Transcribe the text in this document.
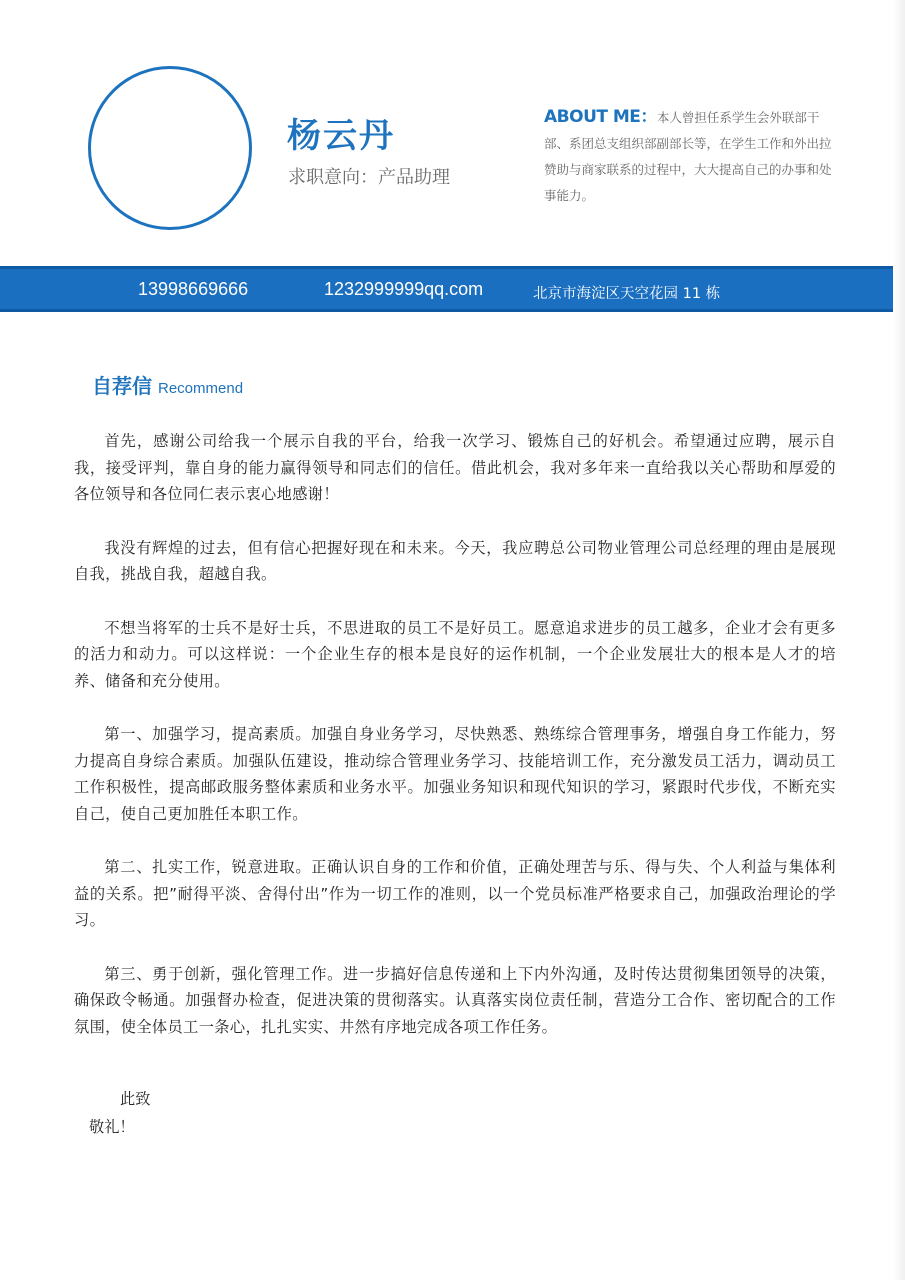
杨云丹
求职意向：产品助理
ABOUT ME：本人曾担任系学生会外联部干部、系团总支组织部副部长等，在学生工作和外出拉赞助与商家联系的过程中，大大提高自己的办事和处事能力。
13998669666	1232999999qq.com	北京市海淀区天空花园 11 栋
自荐信 Recommend

首先，感谢公司给我一个展示自我的平台，给我一次学习、锻炼自己的好机会。希望通过应聘，展示自我，接受评判，靠自身的能力赢得领导和同志们的信任。借此机会，我对多年来一直给我以关心帮助和厚爱的各位领导和各位同仁表示衷心地感谢！

我没有辉煌的过去，但有信心把握好现在和未来。今天，我应聘总公司物业管理公司总经理的理由是展现自我，挑战自我，超越自我。

不想当将军的士兵不是好士兵，不思进取的员工不是好员工。愿意追求进步的员工越多，企业才会有更多的活力和动力。可以这样说：一个企业生存的根本是良好的运作机制，一个企业发展壮大的根本是人才的培养、储备和充分使用。

第一、加强学习，提高素质。加强自身业务学习，尽快熟悉、熟练综合管理事务，增强自身工作能力，努力提高自身综合素质。加强队伍建设，推动综合管理业务学习、技能培训工作，充分激发员工活力，调动员工工作积极性，提高邮政服务整体素质和业务水平。加强业务知识和现代知识的学习，紧跟时代步伐，不断充实自己，使自己更加胜任本职工作。

第二、扎实工作，锐意进取。正确认识自身的工作和价值，正确处理苦与乐、得与失、个人利益与集体利益的关系。把”耐得平淡、舍得付出”作为一切工作的准则，以一个党员标准严格要求自己，加强政治理论的学习。

第三、勇于创新，强化管理工作。进一步搞好信息传递和上下内外沟通，及时传达贯彻集团领导的决策，确保政令畅通。加强督办检查，促进决策的贯彻落实。认真落实岗位责任制，营造分工合作、密切配合的工作氛围，使全体员工一条心，扎扎实实、井然有序地完成各项工作任务。

此致
敬礼！
